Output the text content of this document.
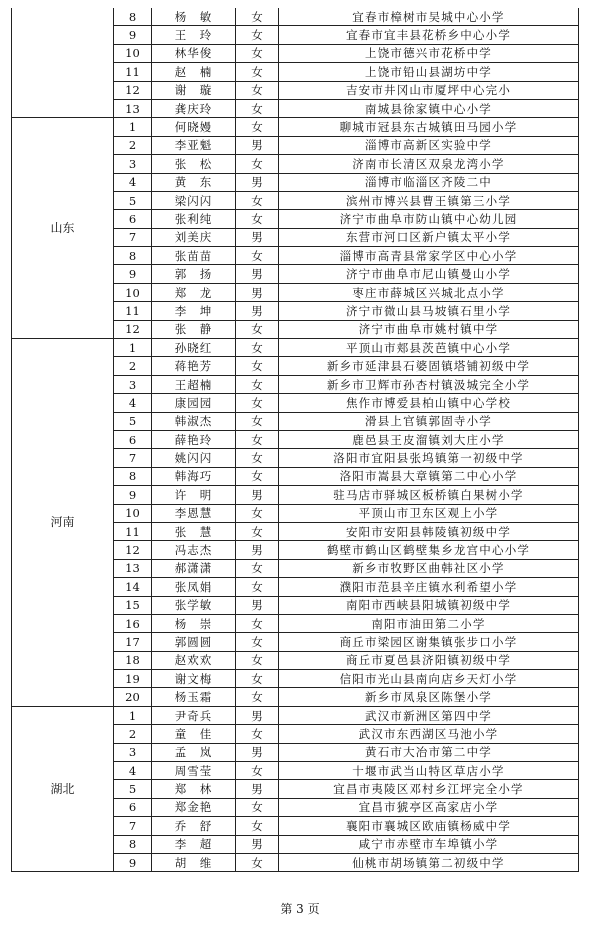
	8	杨　敏	女	宜春市樟树市吴城中心小学
	9	王　玲	女	宜春市宜丰县花桥乡中心小学
	10	林华俊	女	上饶市德兴市花桥中学
	11	赵　楠	女	上饶市铅山县湖坊中学
	12	谢　璇	女	吉安市井冈山市厦坪中心完小
	13	龚庆玲	女	南城县徐家镇中心小学
山东	1	何晓嫚	女	聊城市冠县东古城镇田马园小学
	2	李亚魁	男	淄博市高新区实验中学
	3	张　松	女	济南市长清区双泉龙湾小学
	4	黄　东	男	淄博市临淄区齐陵二中
	5	梁闪闪	女	滨州市博兴县曹王镇第三小学
	6	张利纯	女	济宁市曲阜市防山镇中心幼儿园
	7	刘美庆	男	东营市河口区新户镇太平小学
	8	张苗苗	女	淄博市高青县常家学区中心小学
	9	郭　扬	男	济宁市曲阜市尼山镇曼山小学
	10	郑　龙	男	枣庄市薛城区兴城北点小学
	11	李　坤	男	济宁市微山县马坡镇石里小学
	12	张　静	女	济宁市曲阜市姚村镇中学
河南	1	孙晓红	女	平顶山市郏县茨芭镇中心小学
	2	蒋艳芳	女	新乡市延津县石婆固镇塔铺初级中学
	3	王超楠	女	新乡市卫辉市孙杏村镇汲城完全小学
	4	康园园	女	焦作市博爱县柏山镇中心学校
	5	韩淑杰	女	滑县上官镇郭固寺小学
	6	薛艳玲	女	鹿邑县王皮溜镇刘大庄小学
	7	姚闪闪	女	洛阳市宜阳县张坞镇第一初级中学
	8	韩海巧	女	洛阳市嵩县大章镇第二中心小学
	9	许　明	男	驻马店市驿城区板桥镇白果树小学
	10	李恩慧	女	平顶山市卫东区观上小学
	11	张　慧	女	安阳市安阳县韩陵镇初级中学
	12	冯志杰	男	鹤壁市鹤山区鹤壁集乡龙宫中心小学
	13	郝潇潇	女	新乡市牧野区曲韩社区小学
	14	张凤娟	女	濮阳市范县辛庄镇水利希望小学
	15	张学敏	男	南阳市西峡县阳城镇初级中学
	16	杨　崇	女	南阳市油田第二小学
	17	郭圆圆	女	商丘市梁园区谢集镇张步口小学
	18	赵欢欢	女	商丘市夏邑县济阳镇初级中学
	19	谢文梅	女	信阳市光山县南向店乡天灯小学
	20	杨玉霜	女	新乡市凤泉区陈堡小学
湖北	1	尹奇兵	男	武汉市新洲区第四中学
	2	童　佳	女	武汉市东西湖区马池小学
	3	孟　岚	男	黄石市大冶市第二中学
	4	周雪莹	女	十堰市武当山特区草店小学
	5	郑　林	男	宜昌市夷陵区邓村乡江坪完全小学
	6	郑金艳	女	宜昌市猇亭区高家店小学
	7	乔　舒	女	襄阳市襄城区欧庙镇杨威中学
	8	李　超	男	咸宁市赤壁市车埠镇小学
	9	胡　维	女	仙桃市胡场镇第二初级中学
第 3 页
